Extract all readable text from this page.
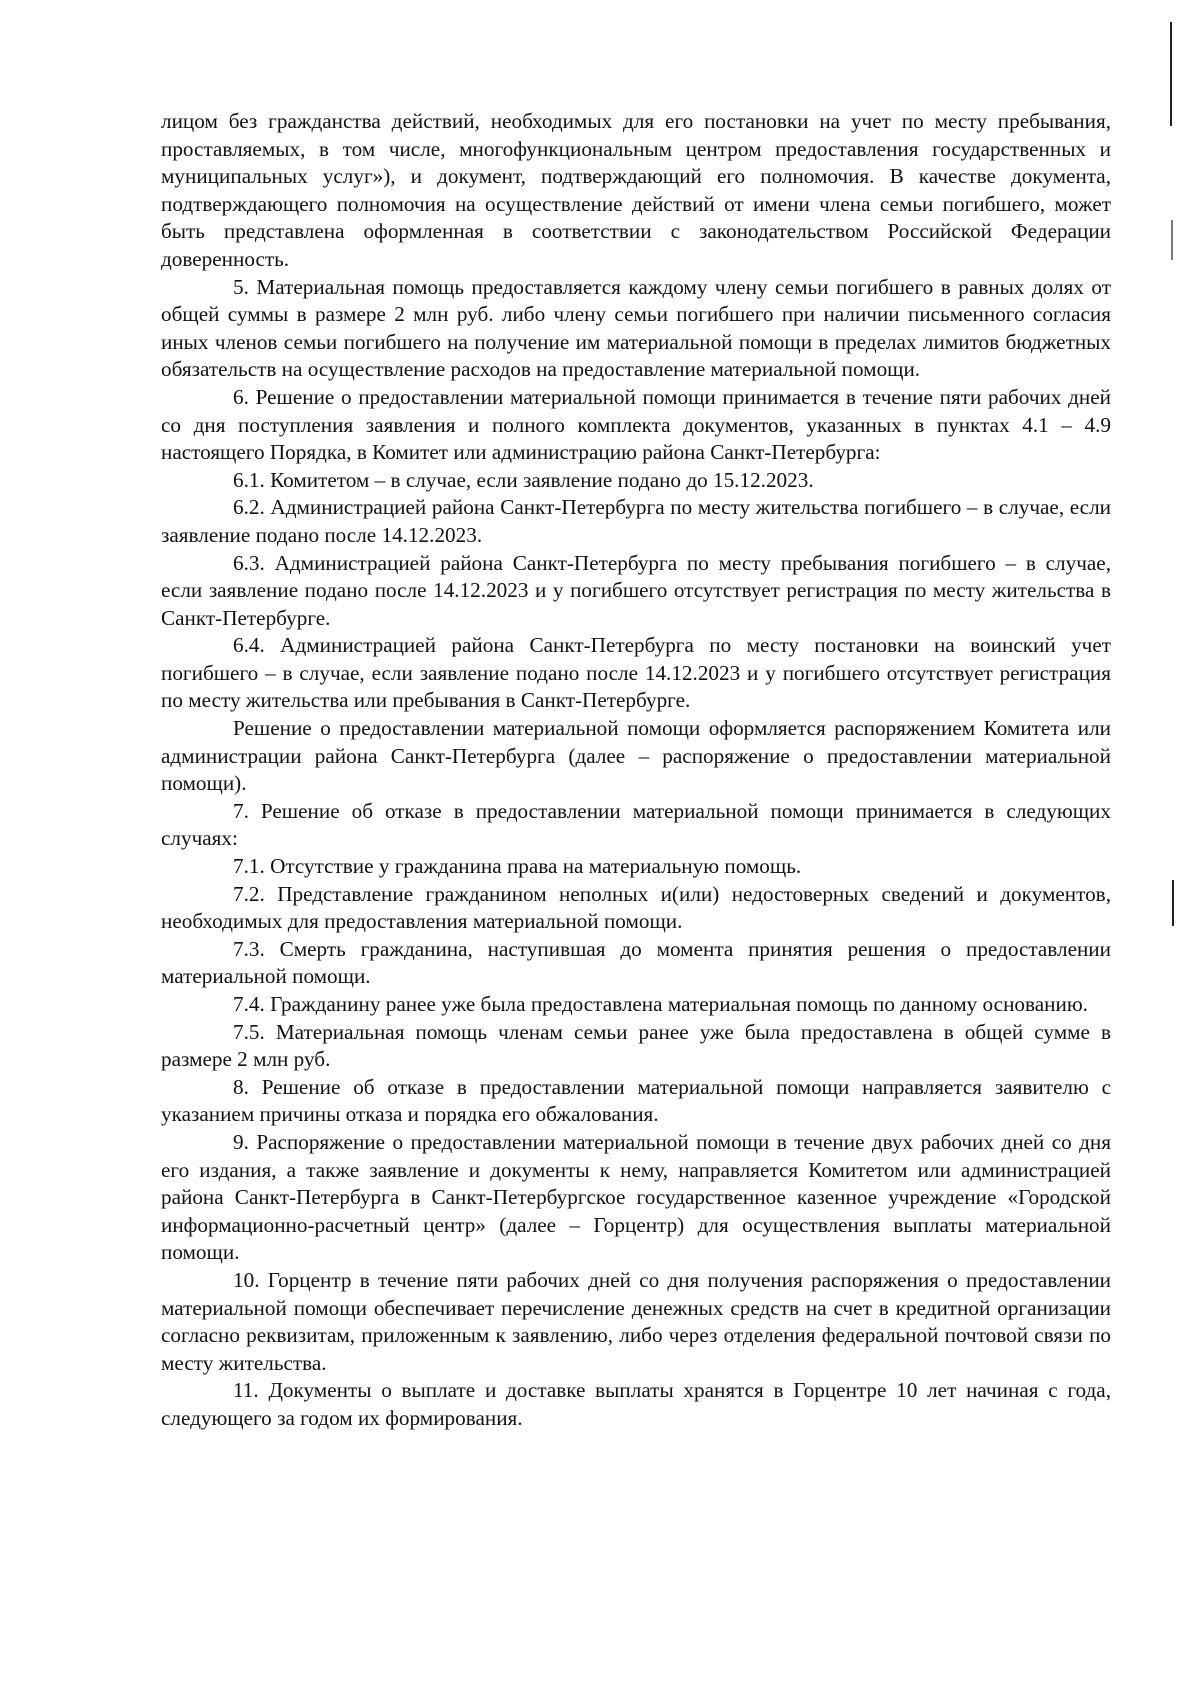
лицом без гражданства действий, необходимых для его постановки на учет по месту пребывания, проставляемых, в том числе, многофункциональным центром предоставления государственных и муниципальных услуг»), и документ, подтверждающий его полномочия. В качестве документа, подтверждающего полномочия на осуществление действий от имени члена семьи погибшего, может быть представлена оформленная в соответствии с законодательством Российской Федерации доверенность.

5. Материальная помощь предоставляется каждому члену семьи погибшего в равных долях от общей суммы в размере 2 млн руб. либо члену семьи погибшего при наличии письменного согласия иных членов семьи погибшего на получение им материальной помощи в пределах лимитов бюджетных обязательств на осуществление расходов на предоставление материальной помощи.

6. Решение о предоставлении материальной помощи принимается в течение пяти рабочих дней со дня поступления заявления и полного комплекта документов, указанных в пунктах 4.1 – 4.9 настоящего Порядка, в Комитет или администрацию района Санкт-Петербурга:

6.1. Комитетом – в случае, если заявление подано до 15.12.2023.

6.2. Администрацией района Санкт-Петербурга по месту жительства погибшего – в случае, если заявление подано после 14.12.2023.

6.3. Администрацией района Санкт-Петербурга по месту пребывания погибшего – в случае, если заявление подано после 14.12.2023 и у погибшего отсутствует регистрация по месту жительства в Санкт-Петербурге.

6.4. Администрацией района Санкт-Петербурга по месту постановки на воинский учет погибшего – в случае, если заявление подано после 14.12.2023 и у погибшего отсутствует регистрация по месту жительства или пребывания в Санкт-Петербурге.

Решение о предоставлении материальной помощи оформляется распоряжением Комитета или администрации района Санкт-Петербурга (далее – распоряжение о предоставлении материальной помощи).

7. Решение об отказе в предоставлении материальной помощи принимается в следующих случаях:

7.1. Отсутствие у гражданина права на материальную помощь.

7.2. Представление гражданином неполных и(или) недостоверных сведений и документов, необходимых для предоставления материальной помощи.

7.3. Смерть гражданина, наступившая до момента принятия решения о предоставлении материальной помощи.

7.4. Гражданину ранее уже была предоставлена материальная помощь по данному основанию.

7.5. Материальная помощь членам семьи ранее уже была предоставлена в общей сумме в размере 2 млн руб.

8. Решение об отказе в предоставлении материальной помощи направляется заявителю с указанием причины отказа и порядка его обжалования.

9. Распоряжение о предоставлении материальной помощи в течение двух рабочих дней со дня его издания, а также заявление и документы к нему, направляется Комитетом или администрацией района Санкт-Петербурга в Санкт-Петербургское государственное казенное учреждение «Городской информационно-расчетный центр» (далее – Горцентр) для осуществления выплаты материальной помощи.

10. Горцентр в течение пяти рабочих дней со дня получения распоряжения о предоставлении материальной помощи обеспечивает перечисление денежных средств на счет в кредитной организации согласно реквизитам, приложенным к заявлению, либо через отделения федеральной почтовой связи по месту жительства.

11. Документы о выплате и доставке выплаты хранятся в Горцентре 10 лет начиная с года, следующего за годом их формирования.
